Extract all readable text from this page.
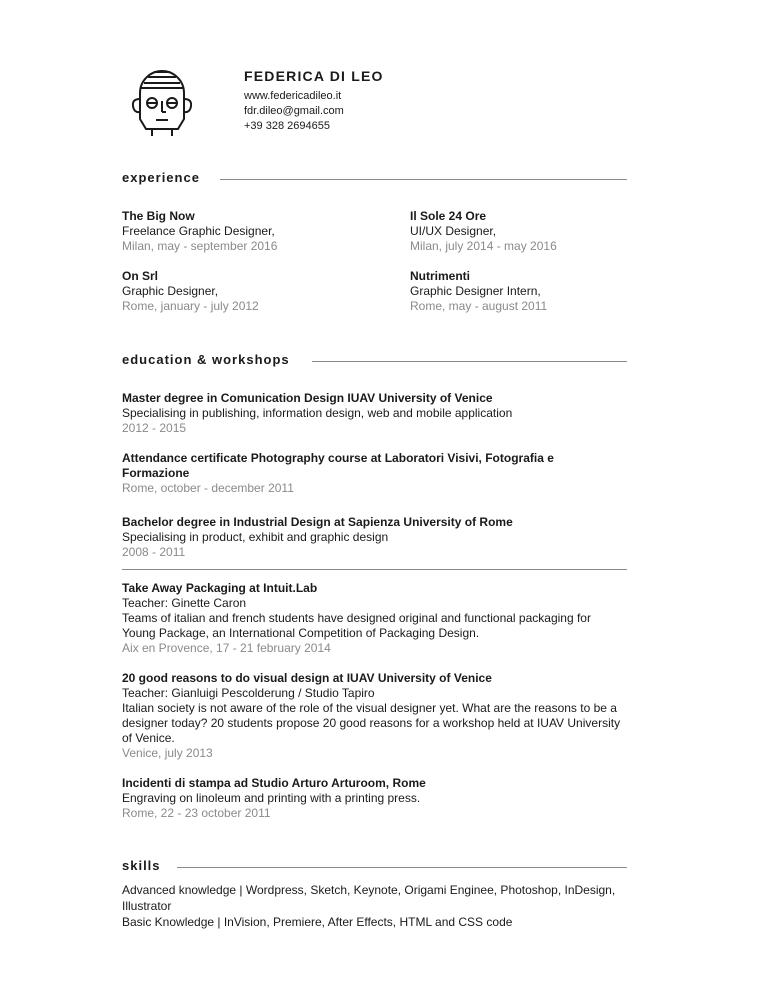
FEDERICA DI LEO
www.federicadileo.it
fdr.dileo@gmail.com
+39 328 2694655
experience
The Big Now
Freelance Graphic Designer,
Milan, may - september 2016
Il Sole 24 Ore
UI/UX Designer,
Milan, july 2014 - may 2016
On Srl
Graphic Designer,
Rome, january - july 2012
Nutrimenti
Graphic Designer Intern,
Rome, may - august 2011
education & workshops
Master degree in Comunication Design IUAV University of Venice
Specialising in publishing, information design, web and mobile application
2012 - 2015
Attendance certificate Photography course at Laboratori Visivi, Fotografia e Formazione
Rome, october - december 2011
Bachelor degree in Industrial Design at Sapienza University of Rome
Specialising in product, exhibit and graphic design
2008 - 2011
Take Away Packaging at Intuit.Lab
Teacher: Ginette Caron
Teams of italian and french students have designed original and functional packaging for Young Package, an International Competition of Packaging Design.
Aix en Provence, 17 - 21 february 2014
20 good reasons to do visual design at IUAV University of Venice
Teacher: Gianluigi Pescolderung / Studio Tapiro
Italian society is not aware of the role of the visual designer yet. What are the reasons to be a designer today? 20 students propose 20 good reasons for a workshop held at IUAV University of Venice.
Venice, july 2013
Incidenti di stampa ad Studio Arturo Arturoom, Rome
Engraving on linoleum and printing with a printing press.
Rome, 22 - 23 october 2011
skills
Advanced knowledge | Wordpress, Sketch, Keynote, Origami Enginee, Photoshop, InDesign, Illustrator
Basic Knowledge | InVision, Premiere, After Effects, HTML and CSS code
